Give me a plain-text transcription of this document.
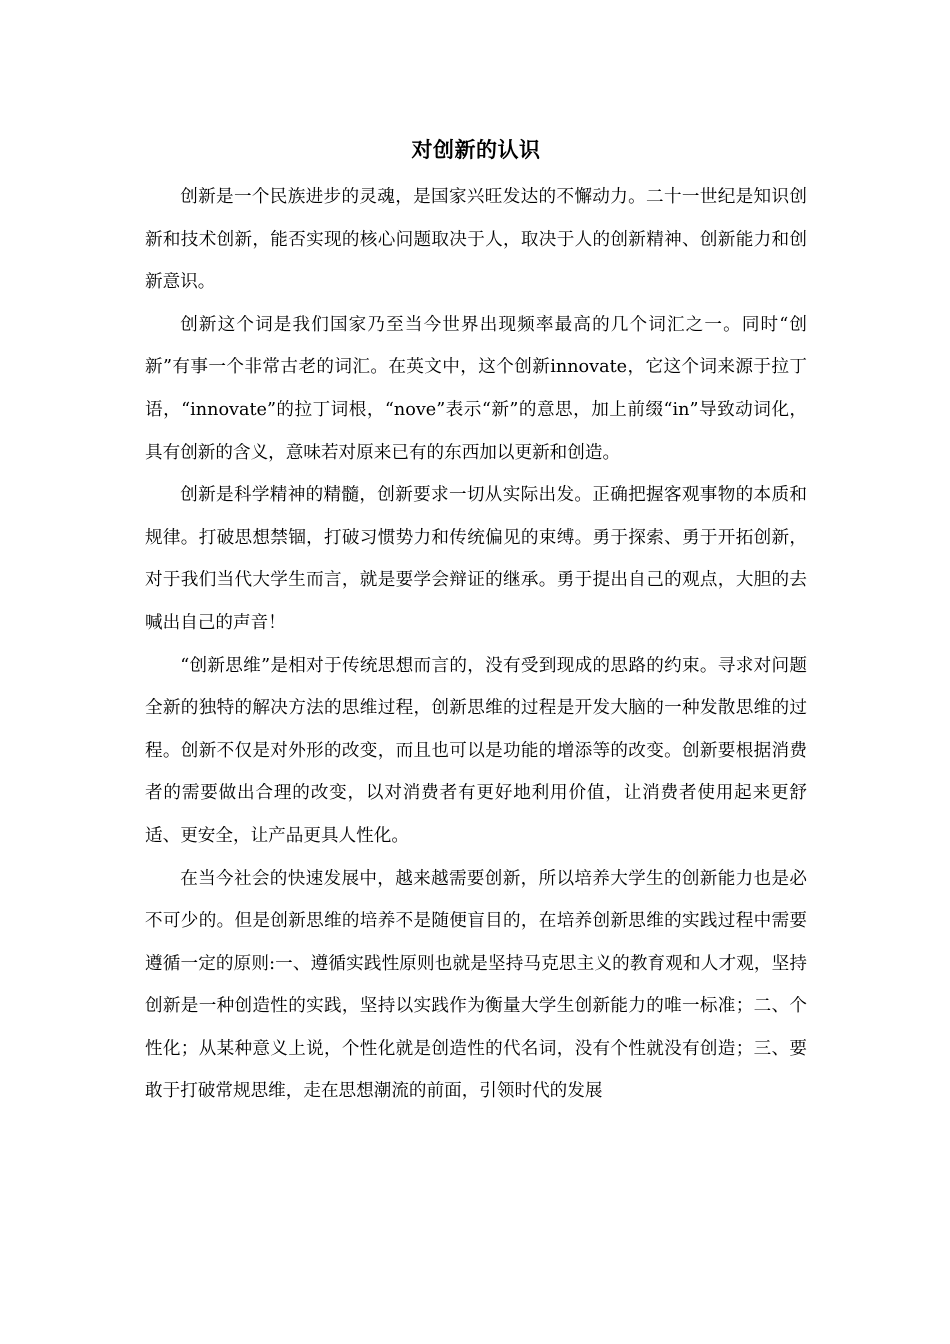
对创新的认识

创新是一个民族进步的灵魂，是国家兴旺发达的不懈动力。二十一世纪是知识创新和技术创新，能否实现的核心问题取决于人，取决于人的创新精神、创新能力和创新意识。

创新这个词是我们国家乃至当今世界出现频率最高的几个词汇之一。同时“创新”有事一个非常古老的词汇。在英文中，这个创新innovate，它这个词来源于拉丁语，“innovate”的拉丁词根，“nove”表示“新”的意思，加上前缀“in”导致动词化，具有创新的含义，意味若对原来已有的东西加以更新和创造。

创新是科学精神的精髓，创新要求一切从实际出发。正确把握客观事物的本质和规律。打破思想禁锢，打破习惯势力和传统偏见的束缚。勇于探索、勇于开拓创新，对于我们当代大学生而言，就是要学会辩证的继承。勇于提出自己的观点，大胆的去喊出自己的声音！

“创新思维”是相对于传统思想而言的，没有受到现成的思路的约束。寻求对问题全新的独特的解决方法的思维过程，创新思维的过程是开发大脑的一种发散思维的过程。创新不仅是对外形的改变，而且也可以是功能的增添等的改变。创新要根据消费者的需要做出合理的改变，以对消费者有更好地利用价值，让消费者使用起来更舒适、更安全，让产品更具人性化。

在当今社会的快速发展中，越来越需要创新，所以培养大学生的创新能力也是必不可少的。但是创新思维的培养不是随便盲目的，在培养创新思维的实践过程中需要遵循一定的原则:一、遵循实践性原则也就是坚持马克思主义的教育观和人才观，坚持创新是一种创造性的实践，坚持以实践作为衡量大学生创新能力的唯一标准；二、个性化；从某种意义上说，个性化就是创造性的代名词，没有个性就没有创造；三、要敢于打破常规思维，走在思想潮流的前面，引领时代的发展
